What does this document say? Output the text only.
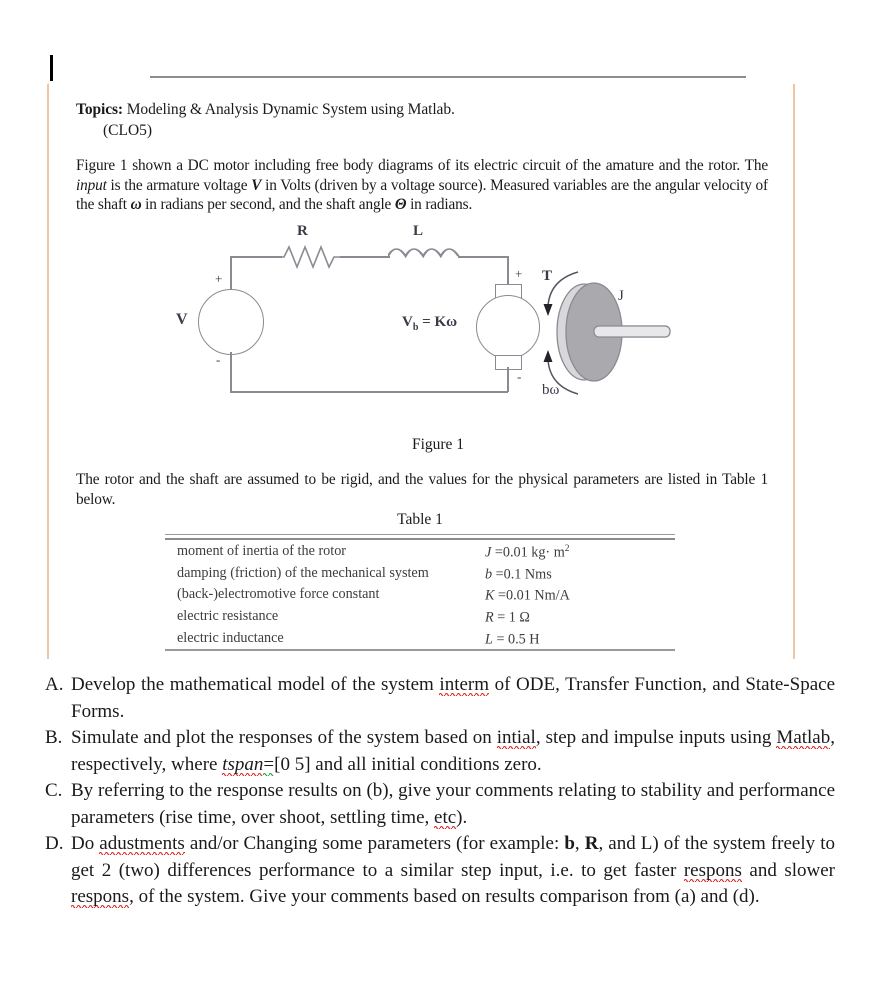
Topics: Modeling & Analysis Dynamic System using Matlab.
(CLO5)
Figure 1 shown a DC motor including free body diagrams of its electric circuit of the amature and the rotor. The input is the armature voltage V in Volts (driven by a voltage source). Measured variables are the angular velocity of the shaft ω in radians per second, and the shaft angle Θ in radians.
R	L
V
+
-
+
-
$V_b = K\omega$
T
J
bω
Figure 1
The rotor and the shaft are assumed to be rigid, and the values for the physical parameters are listed in Table 1 below.
Table 1

moment of inertia of the rotor	J =0.01 $kg\cdot m^2$
damping (friction) of the mechanical system	b =0.1 Nms
(back-)electromotive force constant	K =0.01 Nm/A
electric resistance	R = 1 Ω
electric inductance	L = 0.5 H

A. Develop the mathematical model of the system interm of ODE, Transfer Function, and State-Space Forms.
B. Simulate and plot the responses of the system based on intial, step and impulse inputs using Matlab, respectively, where tspan=[0 5] and all initial conditions zero.
C. By referring to the response results on (b), give your comments relating to stability and performance parameters (rise time, over shoot, settling time, etc).
D. Do adustments and/or Changing some parameters (for example: b, R, and L) of the system freely to get 2 (two) differences performance to a similar step input, i.e. to get faster respons and slower respons, of the system. Give your comments based on results comparison from (a) and (d).
